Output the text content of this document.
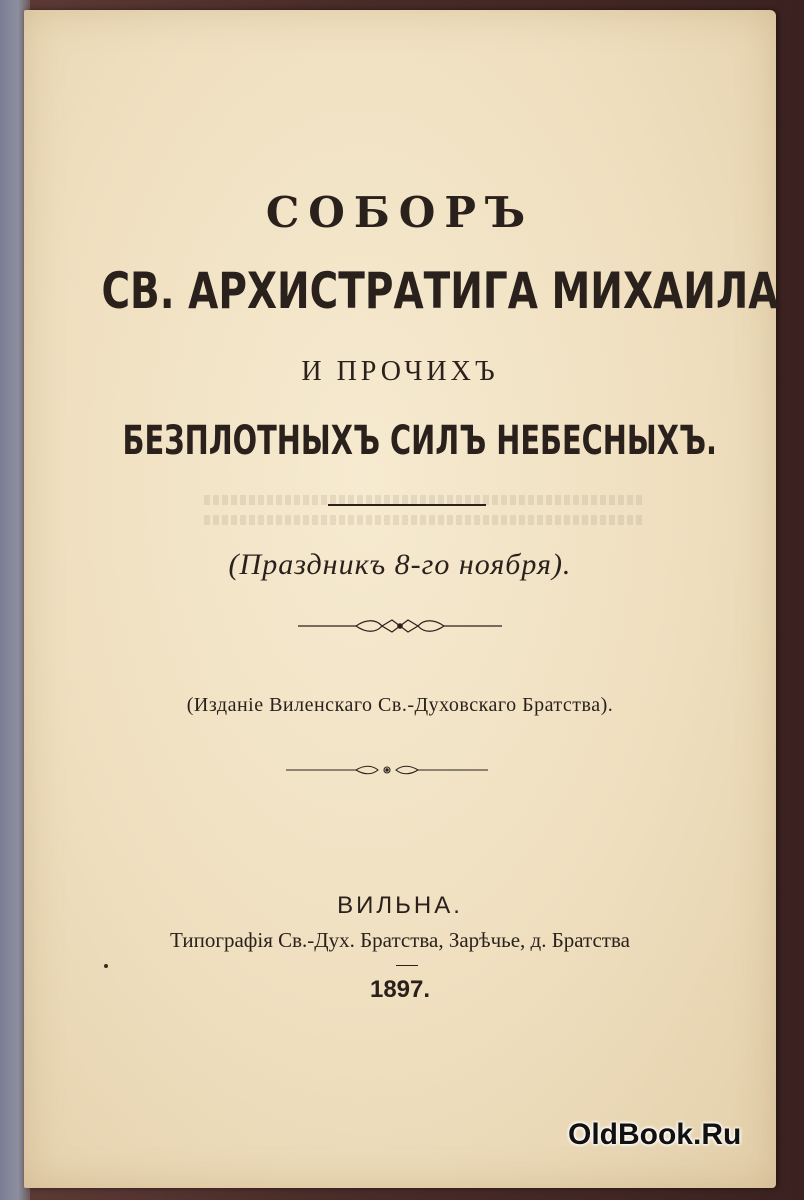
СОБОРЪ
СВ. АРХИСТРАТИГА МИХАИЛА
И ПРОЧИХЪ
БЕЗПЛОТНЫХЪ СИЛЪ НЕБЕСНЫХЪ.
(Праздникъ 8-го ноября).
(Изданіе Виленскаго Св.-Духовскаго Братства).
ВИЛЬНА.
Типографія Св.-Дух. Братства, Зарѣчье, д. Братства
1897.
OldBook.Ru
